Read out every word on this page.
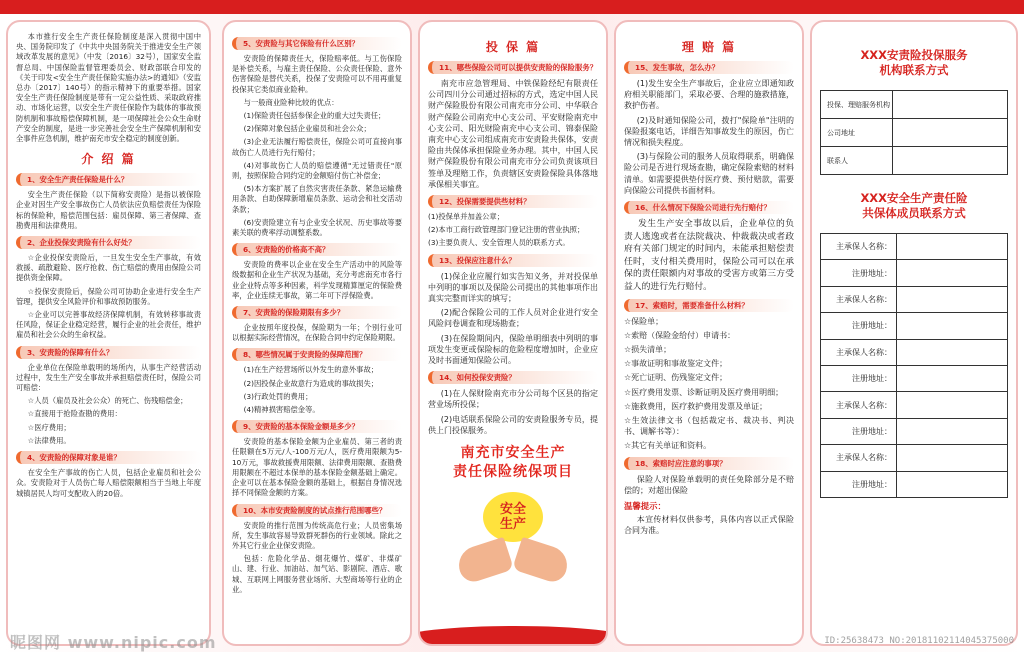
本市推行安全生产责任保险制度是深入贯彻中国中央、国务院印发了《中共中央国务院关于推进安全生产领域改革发展的意见》（中发〔2016〕32号），国家安全监督总局、中国保险监督管理委员会、财政部联合印发的《关于印发<安全生产责任保险实施办法>的通知》（安监总办〔2017〕140号）的指示精神下的重要举措。国家安全生产责任保险制度是带有一定公益性质、采取政府推动、市场化运营，以安全生产责任保险作为载体的事故预防机制和事故赔偿保障机制，是一项保障社会公众生命财产安全的制度，是进一步完善社会安全生产保障机制和安全事件应急机制，维护南充市安全稳定的制度创新。

介 绍 篇
1、安全生产责任保险是什么？

安全生产责任保险（以下简称安责险）是指以被保险企业对因生产安全事故伤亡人员依法应负赔偿责任为保险标的保险种，赔偿范围包括：雇员保障、第三者保障、查勘费用和法律费用。

2、企业投保安责险有什么好处？

☆企业投保安责险后，一旦发生安全生产事故，有效救援、疏散避险、医疗抢救、伤亡赔偿的费用由保险公司提供资金保障。

☆投保安责险后，保险公司可协助企业进行安全生产管理，提供安全风险评价和事故预防服务。

☆企业可以完善事故经济保障机制，有效转移事故责任风险，保证企业稳定经营，履行企业的社会责任，维护雇员和社会公众的生命权益。

3、安责险的保障有什么？

企业单位在保险单载明的场所内，从事生产经营活动过程中，发生生产安全事故并承担赔偿责任时，保险公司可赔偿：

☆人员（雇员及社会公众）的死亡、伤残赔偿金；

☆直接用于抢险查勘的费用：

☆医疗费用；

☆法律费用。

4、安责险的保障对象是谁？

在安全生产事故的伤亡人员，包括企业雇员和社会公众。安责险对于人员伤亡每人赔偿限额相当于当地上年度城镇居民人均可支配收入的20倍。

5、安责险与其它保险有什么区别？

安责险的保障责任大，保险赔率低。与工伤保险是补偿关系，与雇主责任保险、公众责任保险、意外伤害保险是替代关系，投保了安责险可以不用再重复投保其它类似商业险种。

与一般商业险种比较的优点：

(1)保险责任包括参保企业的重大过失责任；

(2)保障对象包括企业雇员和社会公众；

(3)企业无法履行赔偿责任，保险公司可直接向事故伤亡人员进行先行赔付；

(4)对事故伤亡人员的赔偿遵循"无过错责任"原则，按照保险合同约定的金额赔付伤亡补偿金；

(5)本方案扩展了自然灾害责任条款、紧急运输费用条款、自助保障新增雇员条款、运动会和社交活动条款；

(6)安责险建立有与企业安全状况、历史事故等要素关联的费率浮动调整系数。

6、安责险的价格高不高？

安责险的费率以企业在安全生产活动中的风险等级数据和企业生产状况为基础，充分考虑南充市各行业企业特点等多种因素，科学发现精算厘定的保险费率，企业连续无事故，第二年可下浮保险费。

7、安责险的保险期限有多少？

企业按照年度投保，保险期为一年；个别行业可以根据实际经营情况，在保险合同中约定保险期限。

8、哪些情况属于安责险的保障范围？

(1)在生产经营场所以外发生的意外事故；

(2)因投保企业故意行为造成的事故损失；

(3)行政处罚的费用；

(4)精神损害赔偿金等。

9、安责险的基本保险金额是多少？

安责险的基本保险金额为企业雇员、第三者的责任限额在5万元/人-100万元/人，医疗费用限额为5-10万元，事故救援费用限额、法律费用限额、查勘费用限额在不超过本保单的基本保险金额基础上确定。企业可以在基本保险金额的基础上，根据自身情况选择不同保险金额的方案。

10、本市安责险制度的试点推行范围哪些？

安责险的推行范围为传统高危行业；人员密集场所，发生事故容易导致群死群伤的行业领域。除此之外其它行业企业保安责险。

包括：危险化学品、烟花爆竹、煤矿、非煤矿山、建、行业、加油站、加气站、影剧院、酒店、歌城、互联网上网服务营业场所、大型商场等行业的企业。

投 保 篇
11、哪些保险公司可以提供安责险的保险服务？

南充市应急管理局、中铁保险经纪有限责任公司四川分公司通过招标的方式，选定中国人民财产保险股份有限公司南充市分公司、中华联合财产保险公司南充中心支公司、平安财险南充中心支公司、阳光财险南充中心支公司、锦泰保险南充中心支公司组成南充市安责险共保体，安责险由共保体承担保险业务办理。其中，中国人民财产保险股份有限公司南充市分公司负责该项目签单及理赔工作，负责辖区安责险保险具体落地承保相关事宜。

12、投保需要提供些材料？

(1)投保单并加盖公章；

(2)本市工商行政管理部门登记注册的营业执照；

(3)主要负责人、安全管理人员的联系方式。

13、投保应注意什么？

(1)保企业应履行如实告知义务，并对投保单中列明的事项以及保险公司提出的其他事项作出真实完整而详实的填写；

(2)配合保险公司的工作人员对企业进行安全风险问卷调查和现场勘查；

(3)在保险期间内，保险单明细表中列明的事项发生变更或保险标的危险程度增加时，企业应及时书面通知保险公司。

14、如何投保安责险？

(1)在人保财险南充市分公司每个区县的指定营业场所投保；

(2)电话联系保险公司的安责险服务专员，提供上门投保服务。

南充市安全生产
责任保险统保项目
安全
生产
理 赔 篇
15、发生事故，怎么办？

(1)发生安全生产事故后，企业应立即通知政府相关职能部门，采取必要、合理的施救措施，救护伤者。

(2)及时通知保险公司，拨打"保险单"注明的保险报案电话，详细告知事故发生的原因，伤亡情况和损失程度。

(3)与保险公司的服务人员取得联系，明确保险公司是否进行现场查勘，确定保险索赔的材料清单。如需要提供垫付医疗费、预付赔款，需要向保险公司提供书面材料。

16、什么情况下保险公司进行先行赔付？

发生生产安全事故以后，企业单位的负责人逃逸或者在法院裁决、仲裁裁决或者政府有关部门规定的时间内，未能承担赔偿责任时，支付相关费用时，保险公司可以在承保的责任限额内对事故的受害方或第三方受益人的进行先行赔付。

17、索赔时，需要准备什么材料？

☆保险单；

☆索赔（保险金给付）申请书：

☆损失清单；

☆事故证明和事故鉴定文件；

☆死亡证明、伤残鉴定文件；

☆医疗费用发票、诊断证明及医疗费用明细；

☆施救费用，医疗救护费用发票及单证；

☆生效法律文书（包括裁定书、裁决书、判决书、调解书等）：

☆其它有关单证和资料。

18、索赔时应注意的事项？

保险人对保险单载明的责任免除部分是不赔偿的；对超出保险

温馨提示：

本宣传材料仅供参考，具体内容以正式保险合同为准。

XXX安责险投保服务
机构联系方式
投保、理赔服务机构	
公司地址	
联系人	
XXX安全生产责任险
共保体成员联系方式
主承保人名称：	
注册地址：	
主承保人名称：	
注册地址：	
主承保人名称：	
注册地址：	
主承保人名称：	
注册地址：	
主承保人名称：	
注册地址：	
昵图网 www.nipic.com	ID:25638473 NO:20181102114045375000
